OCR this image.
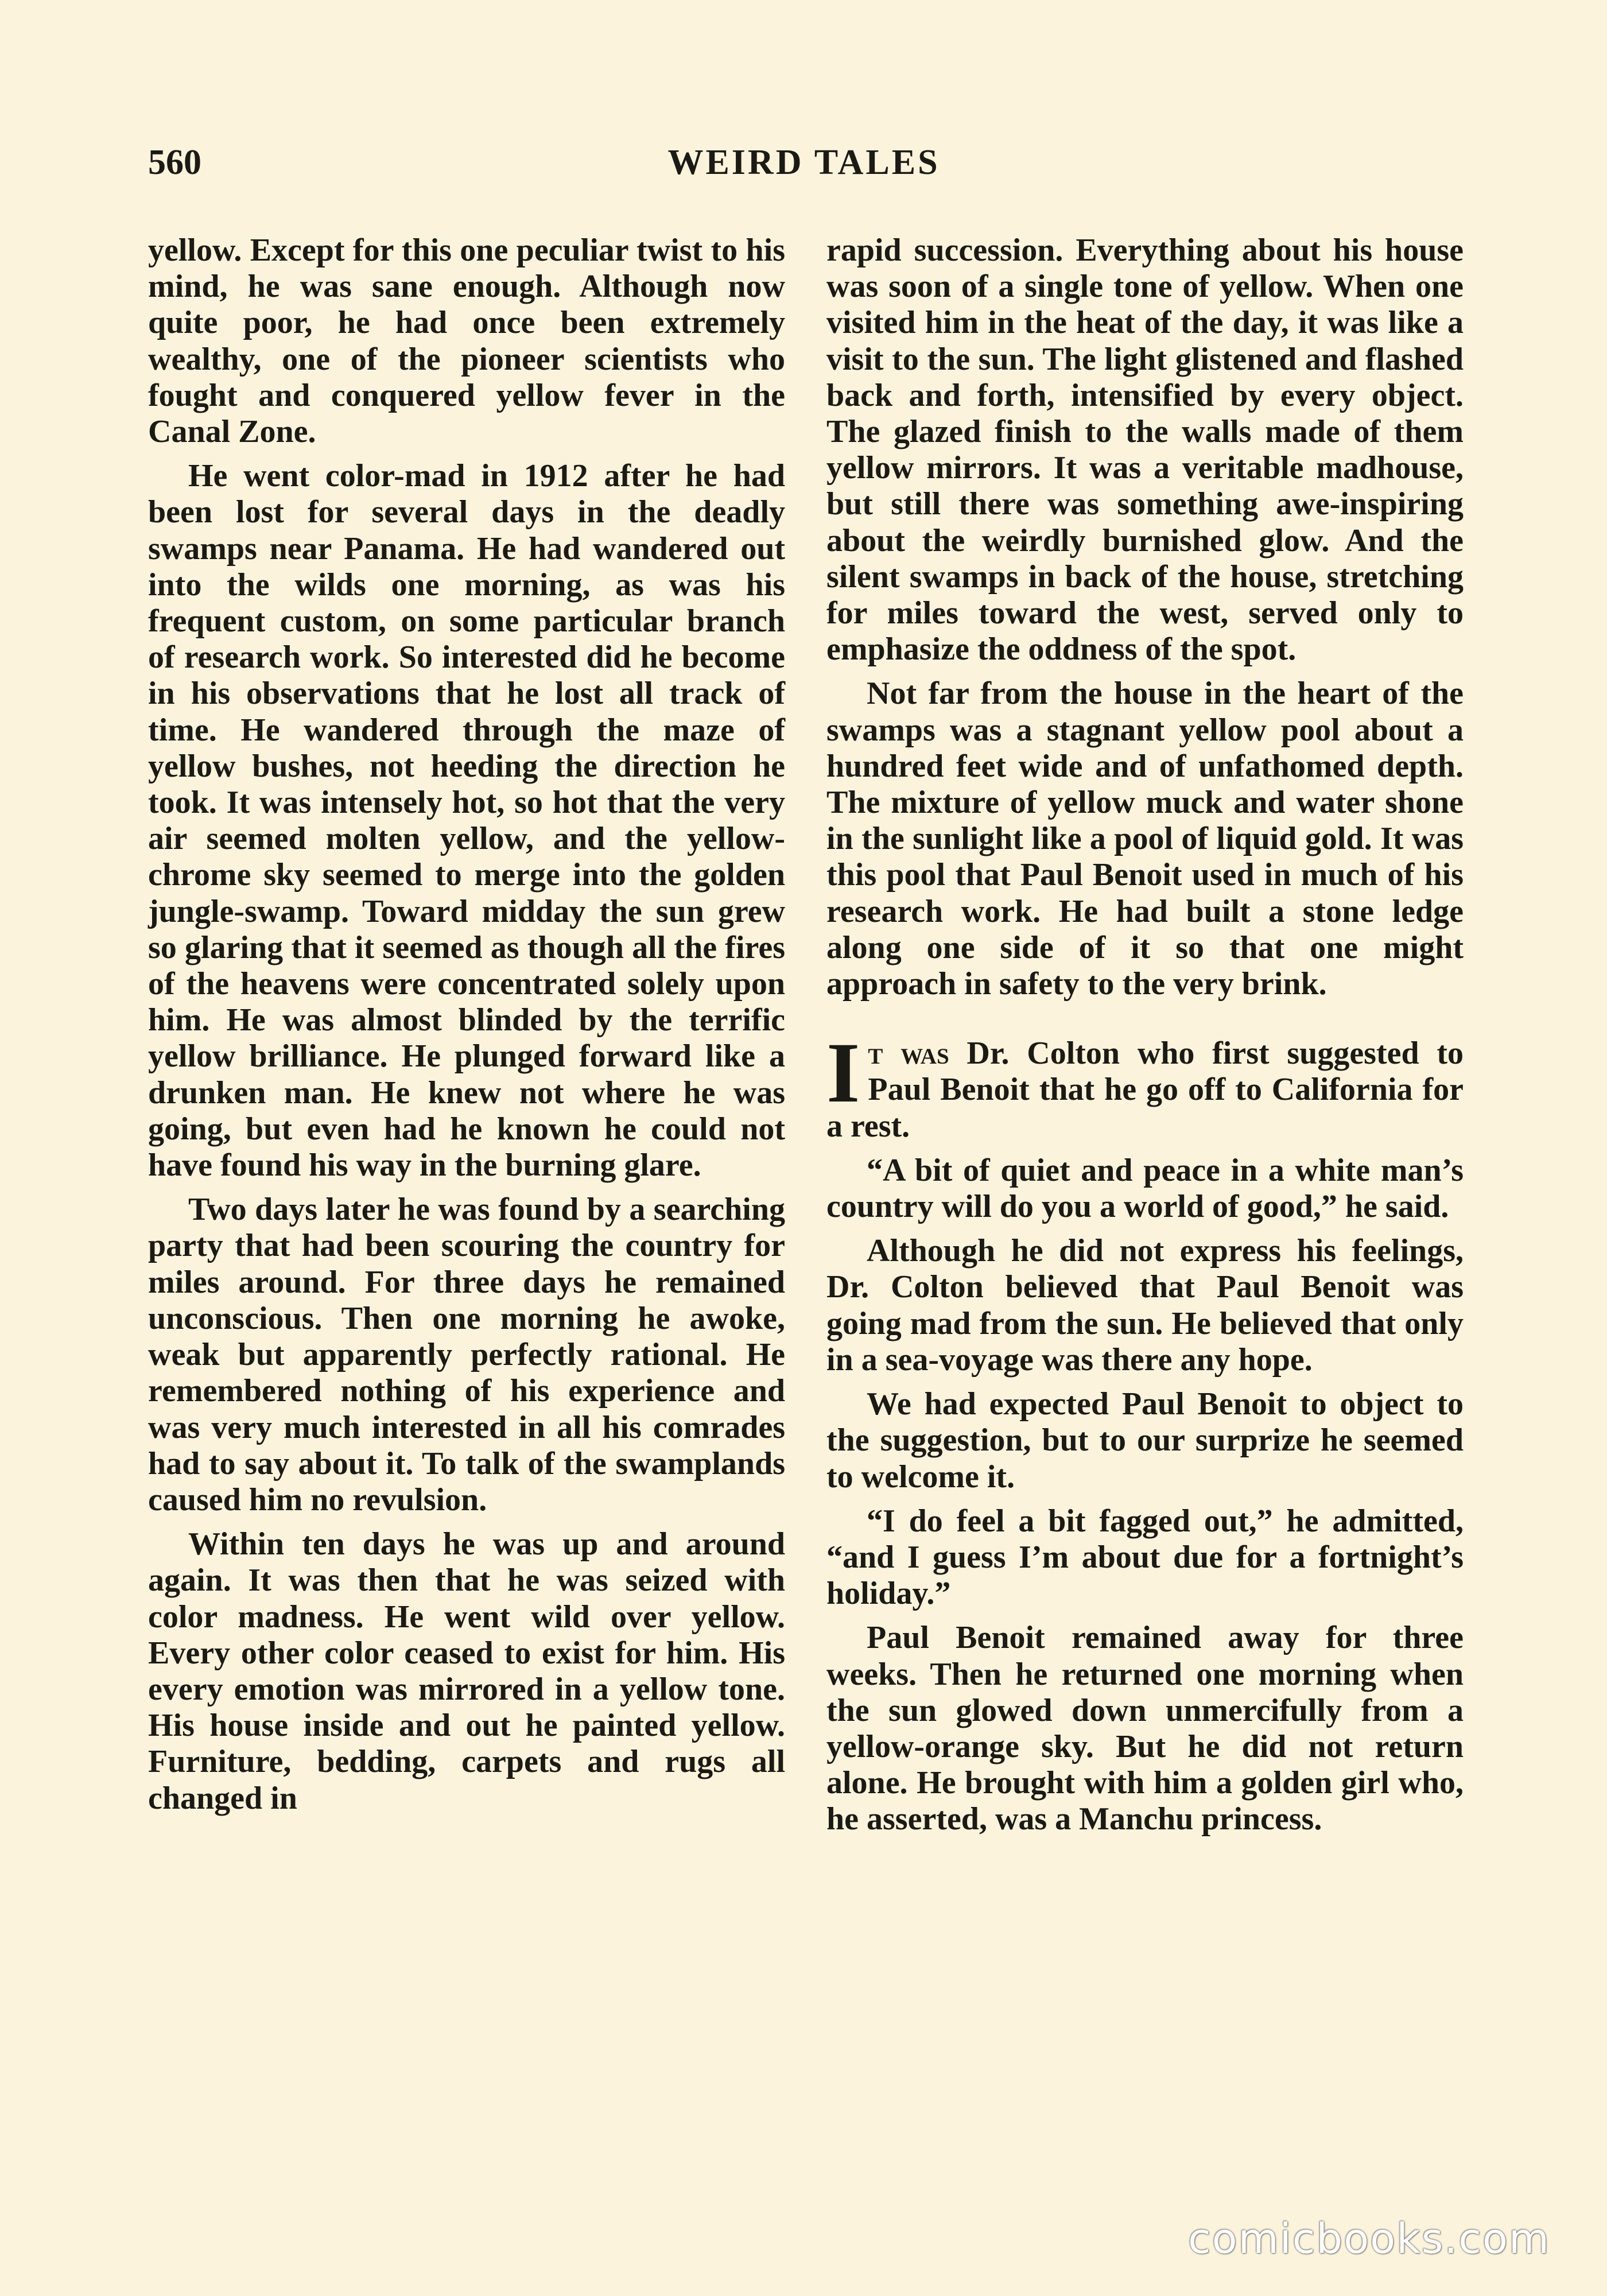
560	WEIRD TALES

yellow. Except for this one peculiar twist to his mind, he was sane enough. Although now quite poor, he had once been extremely wealthy, one of the pioneer scientists who fought and conquered yellow fever in the Canal Zone.

He went color-mad in 1912 after he had been lost for several days in the deadly swamps near Panama. He had wandered out into the wilds one morning, as was his frequent custom, on some particular branch of research work. So interested did he become in his observations that he lost all track of time. He wandered through the maze of yellow bushes, not heeding the direction he took. It was intensely hot, so hot that the very air seemed molten yellow, and the yellow-chrome sky seemed to merge into the golden jungle-swamp. Toward midday the sun grew so glaring that it seemed as though all the fires of the heavens were concentrated solely upon him. He was almost blinded by the terrific yellow brilliance. He plunged forward like a drunken man. He knew not where he was going, but even had he known he could not have found his way in the burning glare.

Two days later he was found by a searching party that had been scouring the country for miles around. For three days he remained unconscious. Then one morning he awoke, weak but apparently perfectly rational. He remembered nothing of his experience and was very much interested in all his comrades had to say about it. To talk of the swamplands caused him no revulsion.

Within ten days he was up and around again. It was then that he was seized with color madness. He went wild over yellow. Every other color ceased to exist for him. His every emotion was mirrored in a yellow tone. His house inside and out he painted yellow. Furniture, bedding, carpets and rugs all changed in

rapid succession. Everything about his house was soon of a single tone of yellow. When one visited him in the heat of the day, it was like a visit to the sun. The light glistened and flashed back and forth, intensified by every object. The glazed finish to the walls made of them yellow mirrors. It was a veritable madhouse, but still there was something awe-inspiring about the weirdly burnished glow. And the silent swamps in back of the house, stretching for miles toward the west, served only to emphasize the oddness of the spot.

Not far from the house in the heart of the swamps was a stagnant yellow pool about a hundred feet wide and of unfathomed depth. The mixture of yellow muck and water shone in the sunlight like a pool of liquid gold. It was this pool that Paul Benoit used in much of his research work. He had built a stone ledge along one side of it so that one might approach in safety to the very brink.

It was Dr. Colton who first suggested to Paul Benoit that he go off to California for a rest.

“A bit of quiet and peace in a white man’s country will do you a world of good,” he said.

Although he did not express his feelings, Dr. Colton believed that Paul Benoit was going mad from the sun. He believed that only in a sea-voyage was there any hope.

We had expected Paul Benoit to object to the suggestion, but to our surprize he seemed to welcome it.

“I do feel a bit fagged out,” he admitted, “and I guess I’m about due for a fortnight’s holiday.”

Paul Benoit remained away for three weeks. Then he returned one morning when the sun glowed down unmercifully from a yellow-orange sky. But he did not return alone. He brought with him a golden girl who, he asserted, was a Manchu princess.

comicbooks.com
